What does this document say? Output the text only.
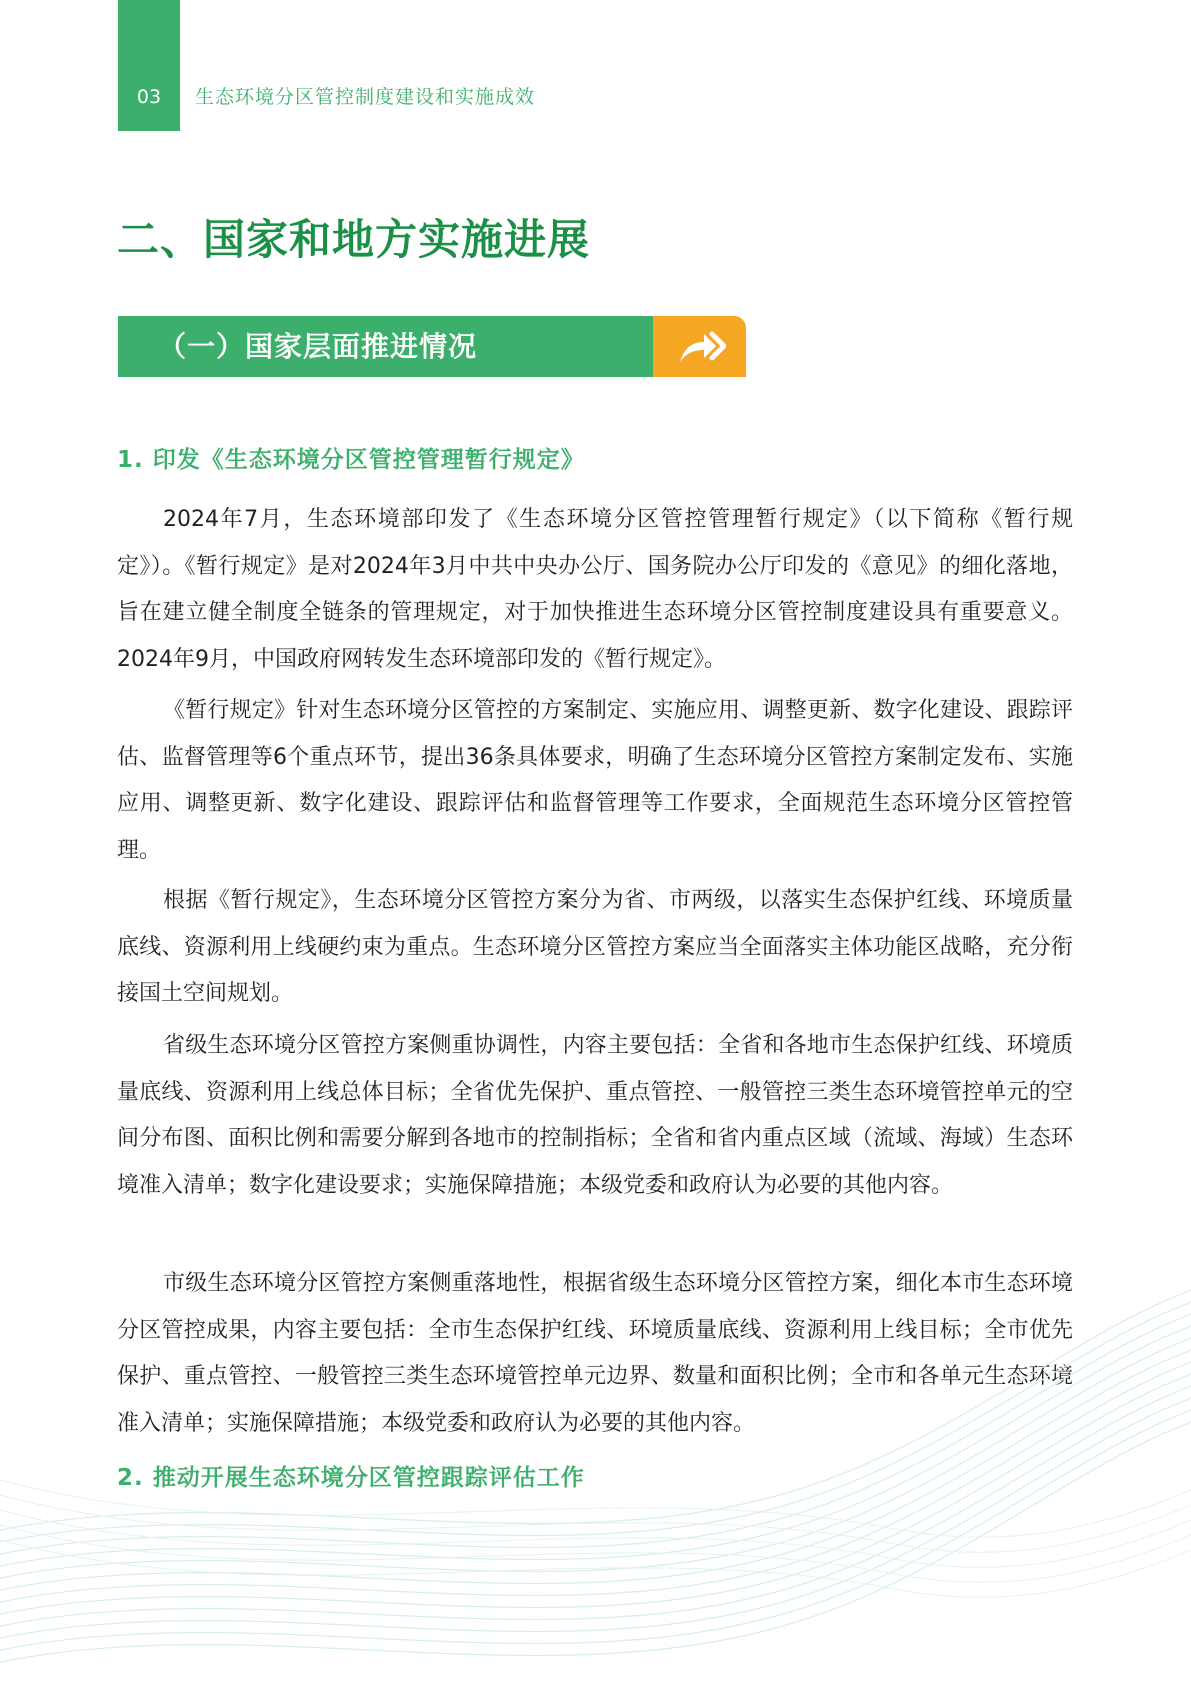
03	生态环境分区管控制度建设和实施成效
二、国家和地方实施进展
（一）国家层面推进情况
1. 印发《生态环境分区管控管理暂行规定》

2024年7月，生态环境部印发了《生态环境分区管控管理暂行规定》（以下简称《暂行规定》）。《暂行规定》是对2024年3月中共中央办公厅、国务院办公厅印发的《意见》的细化落地，旨在建立健全制度全链条的管理规定，对于加快推进生态环境分区管控制度建设具有重要意义。2024年9月，中国政府网转发生态环境部印发的《暂行规定》。

《暂行规定》针对生态环境分区管控的方案制定、实施应用、调整更新、数字化建设、跟踪评估、监督管理等6个重点环节，提出36条具体要求，明确了生态环境分区管控方案制定发布、实施应用、调整更新、数字化建设、跟踪评估和监督管理等工作要求，全面规范生态环境分区管控管理。

根据《暂行规定》，生态环境分区管控方案分为省、市两级，以落实生态保护红线、环境质量底线、资源利用上线硬约束为重点。生态环境分区管控方案应当全面落实主体功能区战略，充分衔接国土空间规划。

省级生态环境分区管控方案侧重协调性，内容主要包括：全省和各地市生态保护红线、环境质量底线、资源利用上线总体目标；全省优先保护、重点管控、一般管控三类生态环境管控单元的空间分布图、面积比例和需要分解到各地市的控制指标；全省和省内重点区域（流域、海域）生态环境准入清单；数字化建设要求；实施保障措施；本级党委和政府认为必要的其他内容。

市级生态环境分区管控方案侧重落地性，根据省级生态环境分区管控方案，细化本市生态环境分区管控成果，内容主要包括：全市生态保护红线、环境质量底线、资源利用上线目标；全市优先保护、重点管控、一般管控三类生态环境管控单元边界、数量和面积比例；全市和各单元生态环境准入清单；实施保障措施；本级党委和政府认为必要的其他内容。

2. 推动开展生态环境分区管控跟踪评估工作
